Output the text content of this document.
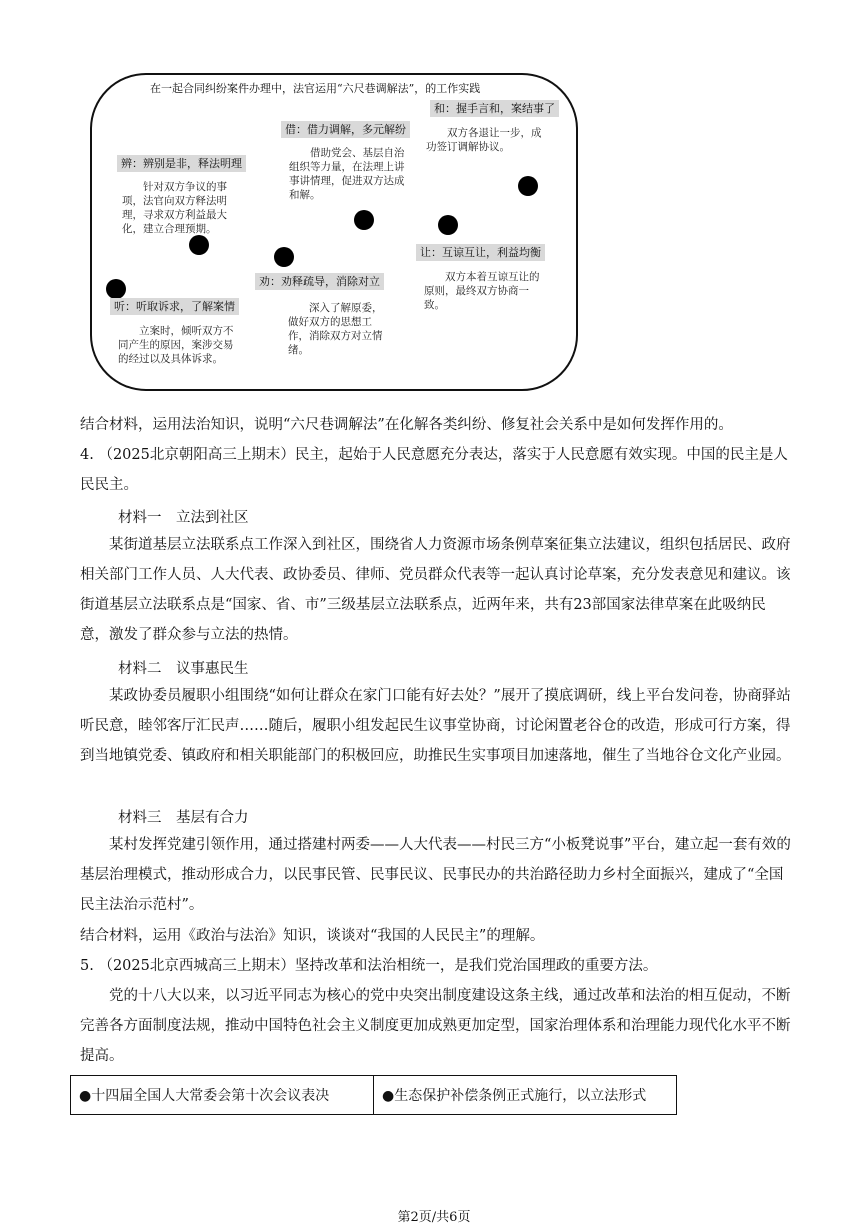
在一起合同纠纷案件办理中，法官运用“六尺巷调解法”，的工作实践
和：握手言和，案结事了
双方各退让一步，成功签订调解协议。
借：借力调解，多元解纷
借助党会、基层自治组织等力量，在法理上讲事讲情理，促进双方达成和解。
辨：辨别是非，释法明理
针对双方争议的事项，法官向双方释法明理，寻求双方利益最大化，建立合理预期。
让：互谅互让，利益均衡
双方本着互谅互让的原则，最终双方协商一致。
劝：劝释疏导，消除对立
深入了解原委，做好双方的思想工作，消除双方对立情绪。
听：听取诉求，了解案情
立案时，倾听双方不同产生的原因，案涉交易的经过以及具体诉求。
结合材料，运用法治知识，说明“六尺巷调解法”在化解各类纠纷、修复社会关系中是如何发挥作用的。
4. （2025北京朝阳高三上期末）民主，起始于人民意愿充分表达，落实于人民意愿有效实现。中国的民主是人民民主。
材料一　立法到社区
某街道基层立法联系点工作深入到社区，围绕省人力资源市场条例草案征集立法建议，组织包括居民、政府相关部门工作人员、人大代表、政协委员、律师、党员群众代表等一起认真讨论草案，充分发表意见和建议。该街道基层立法联系点是“国家、省、市”三级基层立法联系点，近两年来，共有23部国家法律草案在此吸纳民意，激发了群众参与立法的热情。
材料二　议事惠民生
某政协委员履职小组围绕“如何让群众在家门口能有好去处？”展开了摸底调研，线上平台发问卷，协商驿站听民意，睦邻客厅汇民声……随后，履职小组发起民生议事堂协商，讨论闲置老谷仓的改造，形成可行方案，得到当地镇党委、镇政府和相关职能部门的积极回应，助推民生实事项目加速落地，催生了当地谷仓文化产业园。
材料三　基层有合力
某村发挥党建引领作用，通过搭建村两委——人大代表——村民三方“小板凳说事”平台，建立起一套有效的基层治理模式，推动形成合力，以民事民管、民事民议、民事民办的共治路径助力乡村全面振兴，建成了“全国民主法治示范村”。
结合材料，运用《政治与法治》知识，谈谈对“我国的人民民主”的理解。
5. （2025北京西城高三上期末）坚持改革和法治相统一，是我们党治国理政的重要方法。
党的十八大以来，以习近平同志为核心的党中央突出制度建设这条主线，通过改革和法治的相互促动，不断完善各方面制度法规，推动中国特色社会主义制度更加成熟更加定型，国家治理体系和治理能力现代化水平不断提高。
●十四届全国人大常委会第十次会议表决	●生态保护补偿条例正式施行，以立法形式
第2页/共6页
